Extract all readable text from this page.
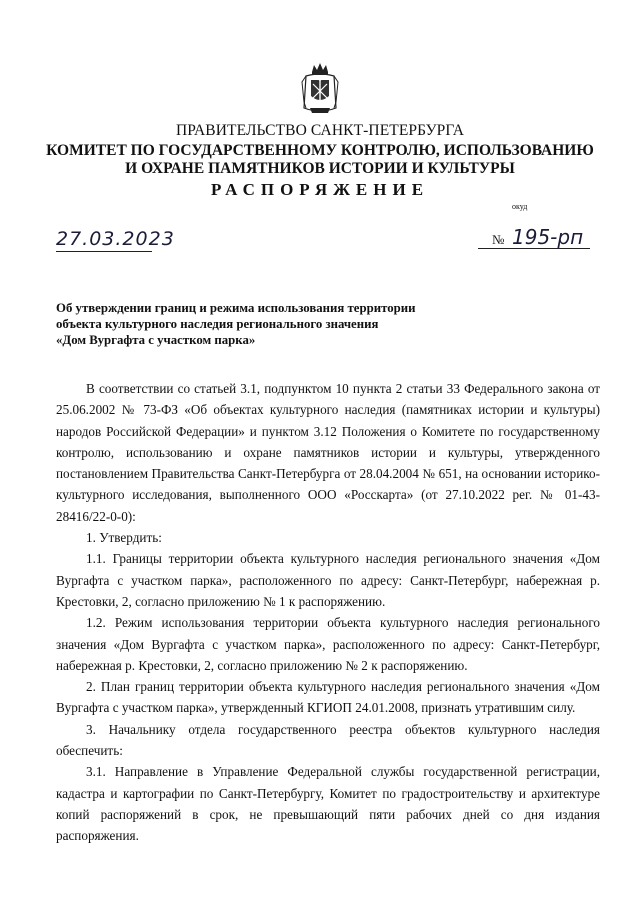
ПРАВИТЕЛЬСТВО САНКТ-ПЕТЕРБУРГА
КОМИТЕТ ПО ГОСУДАРСТВЕННОМУ КОНТРОЛЮ, ИСПОЛЬЗОВАНИЮ
И ОХРАНЕ ПАМЯТНИКОВ ИСТОРИИ И КУЛЬТУРЫ
РАСПОРЯЖЕНИЕ
окуд
27.03.2023	№ 195-рп
Об утверждении границ и режима использования территории
объекта культурного наследия регионального значения
«Дом Вургафта с участком парка»

В соответствии со статьей 3.1, подпунктом 10 пункта 2 статьи 33 Федерального закона от 25.06.2002 № 73-ФЗ «Об объектах культурного наследия (памятниках истории и культуры) народов Российской Федерации» и пунктом 3.12 Положения о Комитете по государственному контролю, использованию и охране памятников истории и культуры, утвержденного постановлением Правительства Санкт-Петербурга от 28.04.2004 № 651, на основании историко-культурного исследования, выполненного ООО «Росскарта» (от 27.10.2022 рег. № 01-43-28416/22-0-0):

1. Утвердить:

1.1. Границы территории объекта культурного наследия регионального значения «Дом Вургафта с участком парка», расположенного по адресу: Санкт-Петербург, набережная р. Крестовки, 2, согласно приложению № 1 к распоряжению.

1.2. Режим использования территории объекта культурного наследия регионального значения «Дом Вургафта с участком парка», расположенного по адресу: Санкт-Петербург, набережная р. Крестовки, 2, согласно приложению № 2 к распоряжению.

2. План границ территории объекта культурного наследия регионального значения «Дом Вургафта с участком парка», утвержденный КГИОП 24.01.2008, признать утратившим силу.

3. Начальнику отдела государственного реестра объектов культурного наследия обеспечить:

3.1. Направление в Управление Федеральной службы государственной регистрации, кадастра и картографии по Санкт-Петербургу, Комитет по градостроительству и архитектуре копий распоряжений в срок, не превышающий пяти рабочих дней со дня издания распоряжения.
